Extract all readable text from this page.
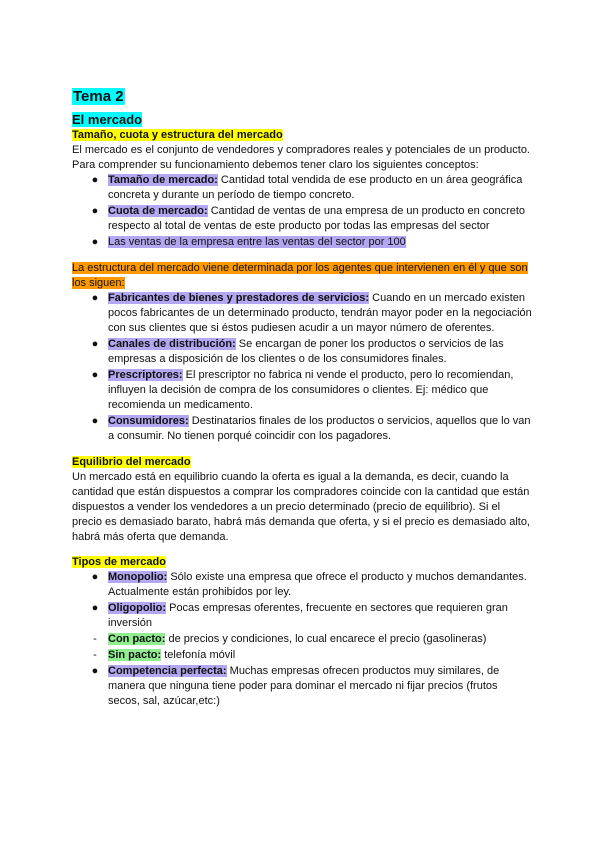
Tema 2
El mercado
Tamaño, cuota y estructura del mercado

El mercado es el conjunto de vendedores y compradores reales y potenciales de un producto.

Para comprender su funcionamiento debemos tener claro los siguientes conceptos:

● Tamaño de mercado: Cantidad total vendida de ese producto en un área geográfica concreta y durante un período de tiempo concreto.
● Cuota de mercado: Cantidad de ventas de una empresa de un producto en concreto respecto al total de ventas de este producto por todas las empresas del sector
● Las ventas de la empresa entre las ventas del sector por 100

La estructura del mercado viene determinada por los agentes que intervienen en él y que son los siguen:

● Fabricantes de bienes y prestadores de servicios: Cuando en un mercado existen pocos fabricantes de un determinado producto, tendrán mayor poder en la negociación con sus clientes que si éstos pudiesen acudir a un mayor número de oferentes.
● Canales de distribución: Se encargan de poner los productos o servicios de las empresas a disposición de los clientes o de los consumidores finales.
● Prescriptores: El prescriptor no fabrica ni vende el producto, pero lo recomiendan, influyen la decisión de compra de los consumidores o clientes. Ej: médico que recomienda un medicamento.
● Consumidores: Destinatarios finales de los productos o servicios, aquellos que lo van a consumir. No tienen porqué coincidir con los pagadores.
Equilibrio del mercado

Un mercado está en equilibrio cuando la oferta es igual a la demanda, es decir, cuando la cantidad que están dispuestos a comprar los compradores coincide con la cantidad que están dispuestos a vender los vendedores a un precio determinado (precio de equilibrio). Si el precio es demasiado barato, habrá más demanda que oferta, y si el precio es demasiado alto, habrá más oferta que demanda.

Tipos de mercado
● Monopolio: Sólo existe una empresa que ofrece el producto y muchos demandantes. Actualmente están prohibidos por ley.
● Oligopolio: Pocas empresas oferentes, frecuente en sectores que requieren gran inversión
- Con pacto: de precios y condiciones, lo cual encarece el precio (gasolineras)
- Sin pacto: telefonía móvil
● Competencia perfecta: Muchas empresas ofrecen productos muy similares, de manera que ninguna tiene poder para dominar el mercado ni fijar precios (frutos secos, sal, azúcar,etc:)
